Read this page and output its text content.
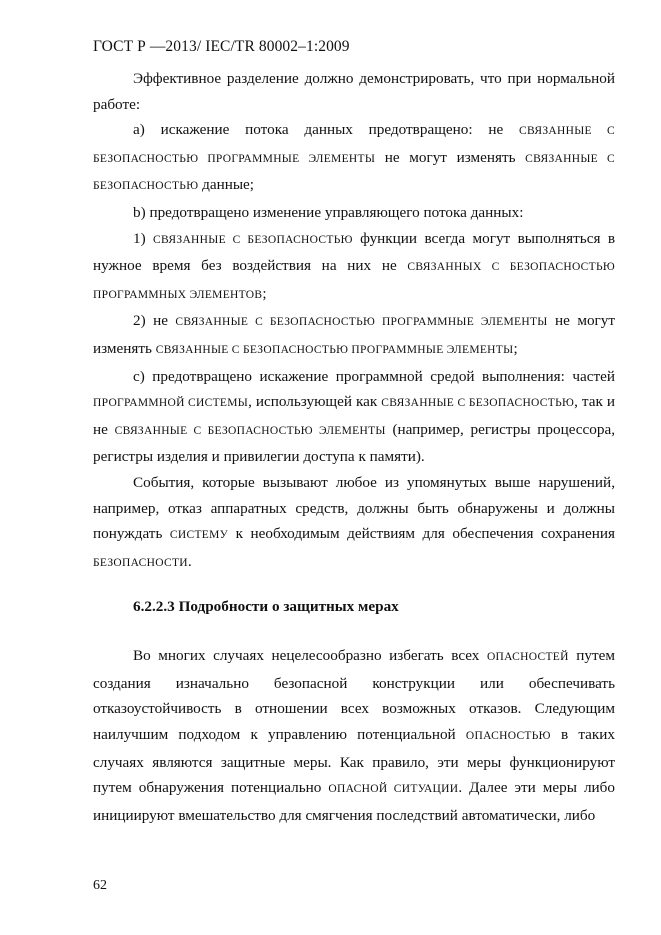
ГОСТ Р —2013/ IEC/TR 80002–1:2009

Эффективное разделение должно демонстрировать, что при нормальной работе:

а) искажение потока данных предотвращено: не СВЯЗАННЫЕ С БЕЗОПАСНОСТЬЮ ПРОГРАММНЫЕ ЭЛЕМЕНТЫ не могут изменять СВЯЗАННЫЕ С БЕЗОПАСНОСТЬЮ данные;

b) предотвращено изменение управляющего потока данных:

1) СВЯЗАННЫЕ С БЕЗОПАСНОСТЬЮ функции всегда могут выполняться в нужное время без воздействия на них не СВЯЗАННЫХ С БЕЗОПАСНОСТЬЮ ПРОГРАММНЫХ ЭЛЕМЕНТОВ;

2) не СВЯЗАННЫЕ С БЕЗОПАСНОСТЬЮ ПРОГРАММНЫЕ ЭЛЕМЕНТЫ не могут изменять СВЯЗАННЫЕ С БЕЗОПАСНОСТЬЮ ПРОГРАММНЫЕ ЭЛЕМЕНТЫ;

с) предотвращено искажение программной средой выполнения: частей ПРОГРАММНОЙ СИСТЕМЫ, использующей как СВЯЗАННЫЕ С БЕЗОПАСНОСТЬЮ, так и не СВЯЗАННЫЕ С БЕЗОПАСНОСТЬЮ ЭЛЕМЕНТЫ (например, регистры процессора, регистры изделия и привилегии доступа к памяти).

События, которые вызывают любое из упомянутых выше нарушений, например, отказ аппаратных средств, должны быть обнаружены и должны понуждать СИСТЕМУ к необходимым действиям для обеспечения сохранения БЕЗОПАСНОСТИ.

6.2.2.3 Подробности о защитных мерах

Во многих случаях нецелесообразно избегать всех ОПАСНОСТЕЙ путем создания изначально безопасной конструкции или обеспечивать отказоустойчивость в отношении всех возможных отказов. Следующим наилучшим подходом к управлению потенциальной ОПАСНОСТЬЮ в таких случаях являются защитные меры. Как правило, эти меры функционируют путем обнаружения потенциально ОПАСНОЙ СИТУАЦИИ. Далее эти меры либо инициируют вмешательство для смягчения последствий автоматически, либо

62
